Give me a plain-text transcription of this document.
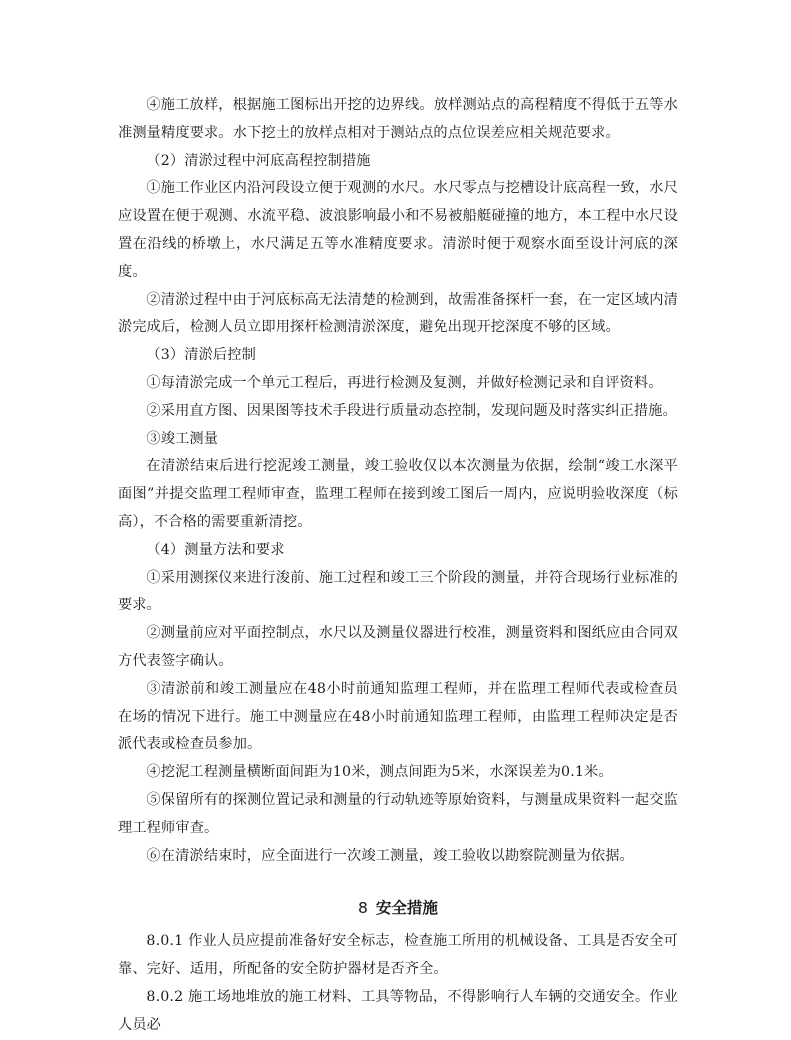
④施工放样，根据施工图标出开挖的边界线。放样测站点的高程精度不得低于五等水准测量精度要求。水下挖土的放样点相对于测站点的点位误差应相关规范要求。

（2）清淤过程中河底高程控制措施

①施工作业区内沿河段设立便于观测的水尺。水尺零点与挖槽设计底高程一致，水尺应设置在便于观测、水流平稳、波浪影响最小和不易被船艇碰撞的地方，本工程中水尺设置在沿线的桥墩上，水尺满足五等水准精度要求。清淤时便于观察水面至设计河底的深度。

②清淤过程中由于河底标高无法清楚的检测到，故需准备探杆一套，在一定区域内清淤完成后，检测人员立即用探杆检测清淤深度，避免出现开挖深度不够的区域。

（3）清淤后控制

①每清淤完成一个单元工程后，再进行检测及复测，并做好检测记录和自评资料。

②采用直方图、因果图等技术手段进行质量动态控制，发现问题及时落实纠正措施。

③竣工测量

在清淤结束后进行挖泥竣工测量，竣工验收仅以本次测量为依据，绘制“竣工水深平面图”并提交监理工程师审查，监理工程师在接到竣工图后一周内，应说明验收深度（标高），不合格的需要重新清挖。

（4）测量方法和要求

①采用测探仪来进行浚前、施工过程和竣工三个阶段的测量，并符合现场行业标准的要求。

②测量前应对平面控制点，水尺以及测量仪器进行校准，测量资料和图纸应由合同双方代表签字确认。

③清淤前和竣工测量应在48小时前通知监理工程师，并在监理工程师代表或检查员在场的情况下进行。施工中测量应在48小时前通知监理工程师，由监理工程师决定是否派代表或检查员参加。

④挖泥工程测量横断面间距为10米，测点间距为5米，水深误差为0.1米。

⑤保留所有的探测位置记录和测量的行动轨迹等原始资料，与测量成果资料一起交监理工程师审查。

⑥在清淤结束时，应全面进行一次竣工测量，竣工验收以勘察院测量为依据。

8 安全措施

8.0.1 作业人员应提前准备好安全标志，检查施工所用的机械设备、工具是否安全可靠、完好、适用，所配备的安全防护器材是否齐全。

8.0.2 施工场地堆放的施工材料、工具等物品，不得影响行人车辆的交通安全。作业人员必
